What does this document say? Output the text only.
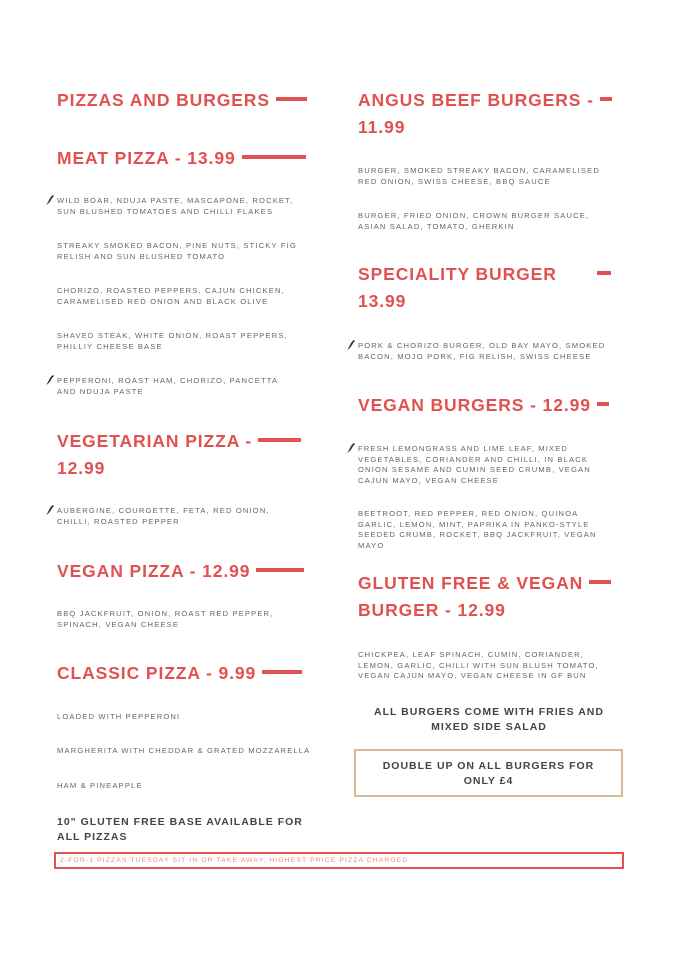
PIZZAS AND BURGERS
MEAT PIZZA - 13.99
WILD BOAR, NDUJA PASTE, MASCAPONE, ROCKET, SUN BLUSHED TOMATOES AND CHILLI FLAKES
STREAKY SMOKED BACON, PINE NUTS, STICKY FIG RELISH AND SUN BLUSHED TOMATO
CHORIZO, ROASTED PEPPERS, CAJUN CHICKEN, CARAMELISED RED ONION AND BLACK OLIVE
SHAVED STEAK, WHITE ONION, ROAST PEPPERS, PHILLIY CHEESE BASE
PEPPERONI, ROAST HAM, CHORIZO, PANCETTA AND NDUJA PASTE
VEGETARIAN PIZZA -
12.99
AUBERGINE, COURGETTE, FETA, RED ONION, CHILLI, ROASTED PEPPER
VEGAN PIZZA - 12.99
BBQ JACKFRUIT, ONION, ROAST RED PEPPER, SPINACH, VEGAN CHEESE
CLASSIC PIZZA - 9.99
LOADED WITH PEPPERONI
MARGHERITA WITH CHEDDAR & GRATED MOZZARELLA
HAM & PINEAPPLE
10" GLUTEN FREE BASE AVAILABLE FOR ALL PIZZAS
ANGUS BEEF BURGERS -
11.99
BURGER, SMOKED STREAKY BACON, CARAMELISED RED ONION, SWISS CHEESE, BBQ SAUCE
BURGER, FRIED ONION, CROWN BURGER SAUCE, ASIAN SALAD, TOMATO, GHERKIN
SPECIALITY BURGER
13.99
PORK & CHORIZO BURGER, OLD BAY MAYO, SMOKED BACON, MOJO PORK, FIG RELISH, SWISS CHEESE
VEGAN BURGERS - 12.99
FRESH LEMONGRASS AND LIME LEAF, MIXED VEGETABLES, CORIANDER AND CHILLI, IN BLACK ONION SESAME AND CUMIN SEED CRUMB, VEGAN CAJUN MAYO, VEGAN CHEESE
BEETROOT, RED PEPPER, RED ONION, QUINOA GARLIC, LEMON, MINT, PAPRIKA IN PANKO-STYLE SEEDED CRUMB, ROCKET, BBQ JACKFRUIT, VEGAN MAYO
GLUTEN FREE & VEGAN
BURGER - 12.99
CHICKPEA, LEAF SPINACH, CUMIN, CORIANDER, LEMON, GARLIC, CHILLI WITH SUN BLUSH TOMATO, VEGAN CAJUN MAYO, VEGAN CHEESE IN GF BUN
ALL BURGERS COME WITH FRIES AND MIXED SIDE SALAD
DOUBLE UP ON ALL BURGERS FOR ONLY £4
2-FOR-1 PIZZAS TUESDAY SIT IN OR TAKE AWAY, HIGHEST PRICE PIZZA CHARGED
